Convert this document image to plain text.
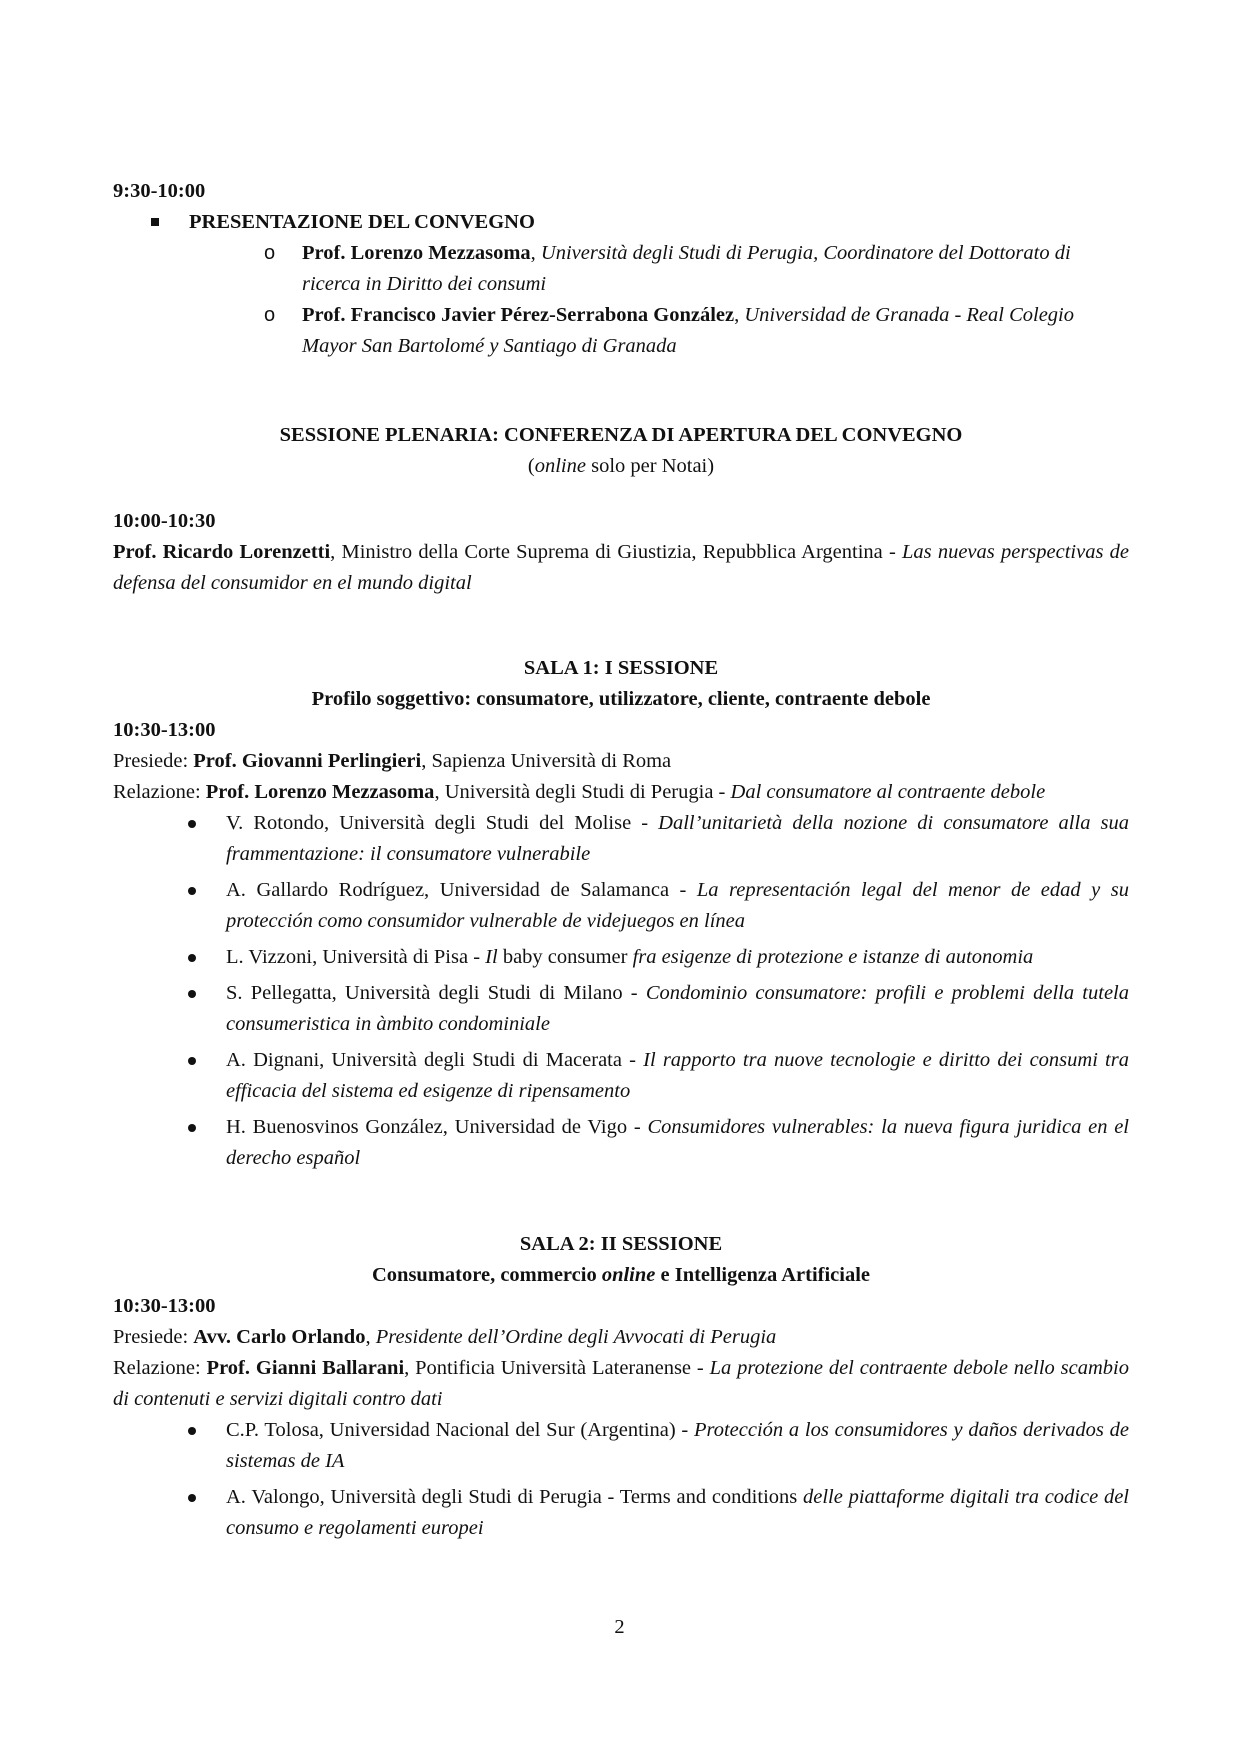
9:30-10:00

PRESENTAZIONE DEL CONVEGNO
o Prof. Lorenzo Mezzasoma, Università degli Studi di Perugia, Coordinatore del Dottorato di ricerca in Diritto dei consumi
o Prof. Francisco Javier Pérez-Serrabona González, Universidad de Granada - Real Colegio Mayor San Bartolomé y Santiago di Granada

SESSIONE PLENARIA: CONFERENZA DI APERTURA DEL CONVEGNO

(online solo per Notai)

10:00-10:30

Prof. Ricardo Lorenzetti, Ministro della Corte Suprema di Giustizia, Repubblica Argentina - Las nuevas perspectivas de defensa del consumidor en el mundo digital

SALA 1: I SESSIONE

Profilo soggettivo: consumatore, utilizzatore, cliente, contraente debole

10:30-13:00

Presiede: Prof. Giovanni Perlingieri, Sapienza Università di Roma

Relazione: Prof. Lorenzo Mezzasoma, Università degli Studi di Perugia - Dal consumatore al contraente debole

V. Rotondo, Università degli Studi del Molise - Dall’unitarietà della nozione di consumatore alla sua frammentazione: il consumatore vulnerabile
A. Gallardo Rodríguez, Universidad de Salamanca - La representación legal del menor de edad y su protección como consumidor vulnerable de videjuegos en línea
L. Vizzoni, Università di Pisa - Il baby consumer fra esigenze di protezione e istanze di autonomia
S. Pellegatta, Università degli Studi di Milano - Condominio consumatore: profili e problemi della tutela consumeristica in àmbito condominiale
A. Dignani, Università degli Studi di Macerata - Il rapporto tra nuove tecnologie e diritto dei consumi tra efficacia del sistema ed esigenze di ripensamento
H. Buenosvinos González, Universidad de Vigo - Consumidores vulnerables: la nueva figura juridica en el derecho español

SALA 2: II SESSIONE

Consumatore, commercio online e Intelligenza Artificiale

10:30-13:00

Presiede: Avv. Carlo Orlando, Presidente dell’Ordine degli Avvocati di Perugia

Relazione: Prof. Gianni Ballarani, Pontificia Università Lateranense - La protezione del contraente debole nello scambio di contenuti e servizi digitali contro dati

C.P. Tolosa, Universidad Nacional del Sur (Argentina) - Protección a los consumidores y daños derivados de sistemas de IA
A. Valongo, Università degli Studi di Perugia - Terms and conditions delle piattaforme digitali tra codice del consumo e regolamenti europei
2
